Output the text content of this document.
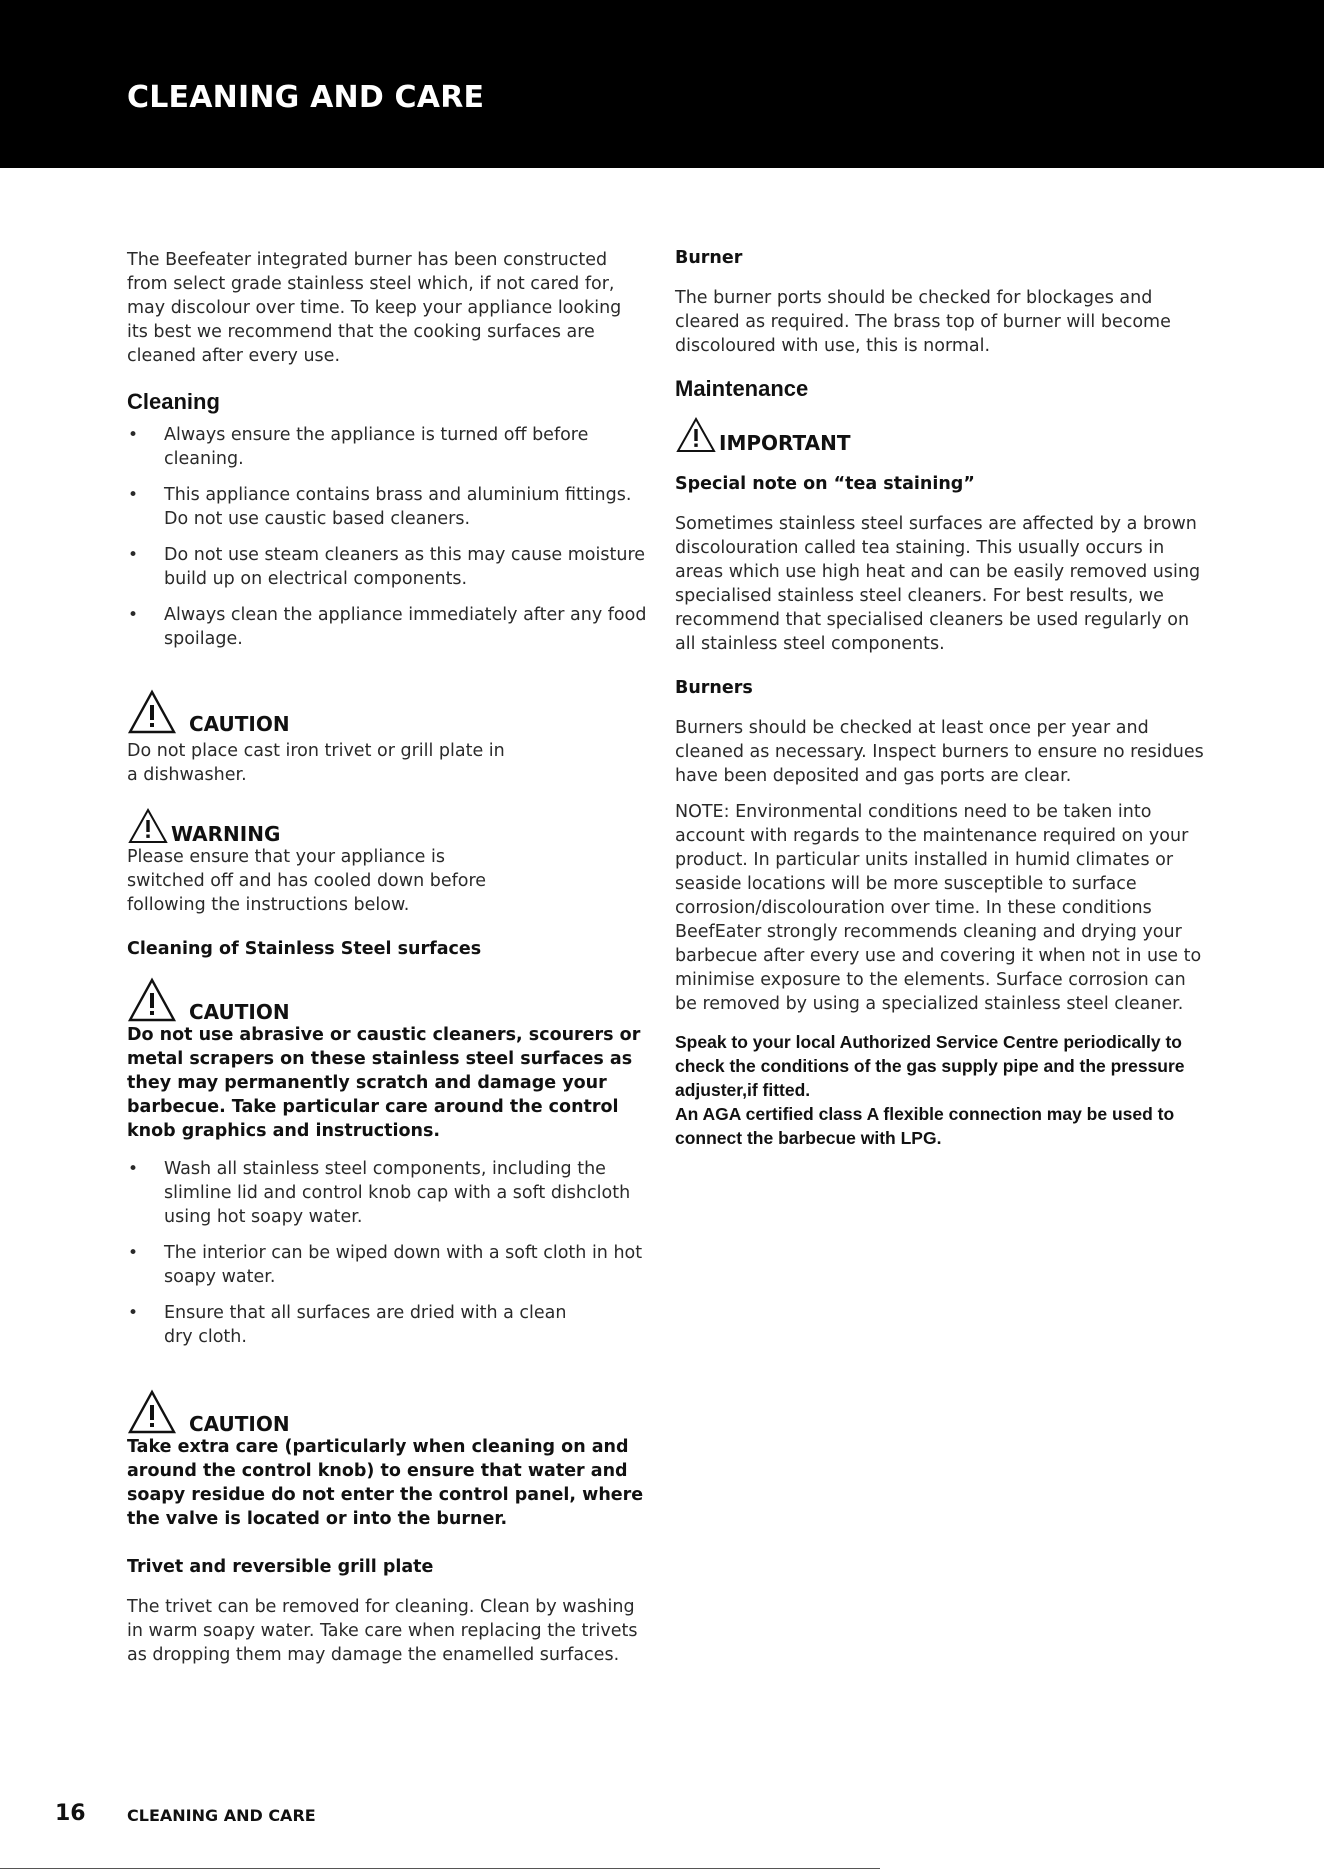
CLEANING AND CARE

The Beefeater integrated burner has been constructed from select grade stainless steel which, if not cared for, may discolour over time. To keep your appliance looking its best we recommend that the cooking surfaces are cleaned after every use.

Cleaning
• Always ensure the appliance is turned off before cleaning.
• This appliance contains brass and aluminium fittings. Do not use caustic based cleaners.
• Do not use steam cleaners as this may cause moisture build up on electrical components.
• Always clean the appliance immediately after any food spoilage.
CAUTION

Do not place cast iron trivet or grill plate in a dishwasher.

WARNING

Please ensure that your appliance is switched off and has cooled down before following the instructions below.

Cleaning of Stainless Steel surfaces

CAUTION

Do not use abrasive or caustic cleaners, scourers or metal scrapers on these stainless steel surfaces as they may permanently scratch and damage your barbecue. Take particular care around the control knob graphics and instructions.

• Wash all stainless steel components, including the slimline lid and control knob cap with a soft dishcloth using hot soapy water.
• The interior can be wiped down with a soft cloth in hot soapy water.
• Ensure that all surfaces are dried with a clean dry cloth.
CAUTION

Take extra care (particularly when cleaning on and around the control knob) to ensure that water and soapy residue do not enter the control panel, where the valve is located or into the burner.

Trivet and reversible grill plate

The trivet can be removed for cleaning. Clean by washing in warm soapy water. Take care when replacing the trivets as dropping them may damage the enamelled surfaces.

Burner

The burner ports should be checked for blockages and cleared as required. The brass top of burner will become discoloured with use, this is normal.

Maintenance
IMPORTANT

Special note on “tea staining”

Sometimes stainless steel surfaces are affected by a brown discolouration called tea staining. This usually occurs in areas which use high heat and can be easily removed using specialised stainless steel cleaners. For best results, we recommend that specialised cleaners be used regularly on all stainless steel components.

Burners

Burners should be checked at least once per year and cleaned as necessary. Inspect burners to ensure no residues have been deposited and gas ports are clear.

NOTE: Environmental conditions need to be taken into account with regards to the maintenance required on your product. In particular units installed in humid climates or seaside locations will be more susceptible to surface corrosion/discolouration over time. In these conditions BeefEater strongly recommends cleaning and drying your barbecue after every use and covering it when not in use to minimise exposure to the elements. Surface corrosion can be removed by using a specialized stainless steel cleaner.

Speak to your local Authorized Service Centre periodically to check the conditions of the gas supply pipe and the pressure adjuster,if fitted.

An AGA certified class A flexible connection may be used to connect the barbecue with LPG.

16	CLEANING AND CARE
